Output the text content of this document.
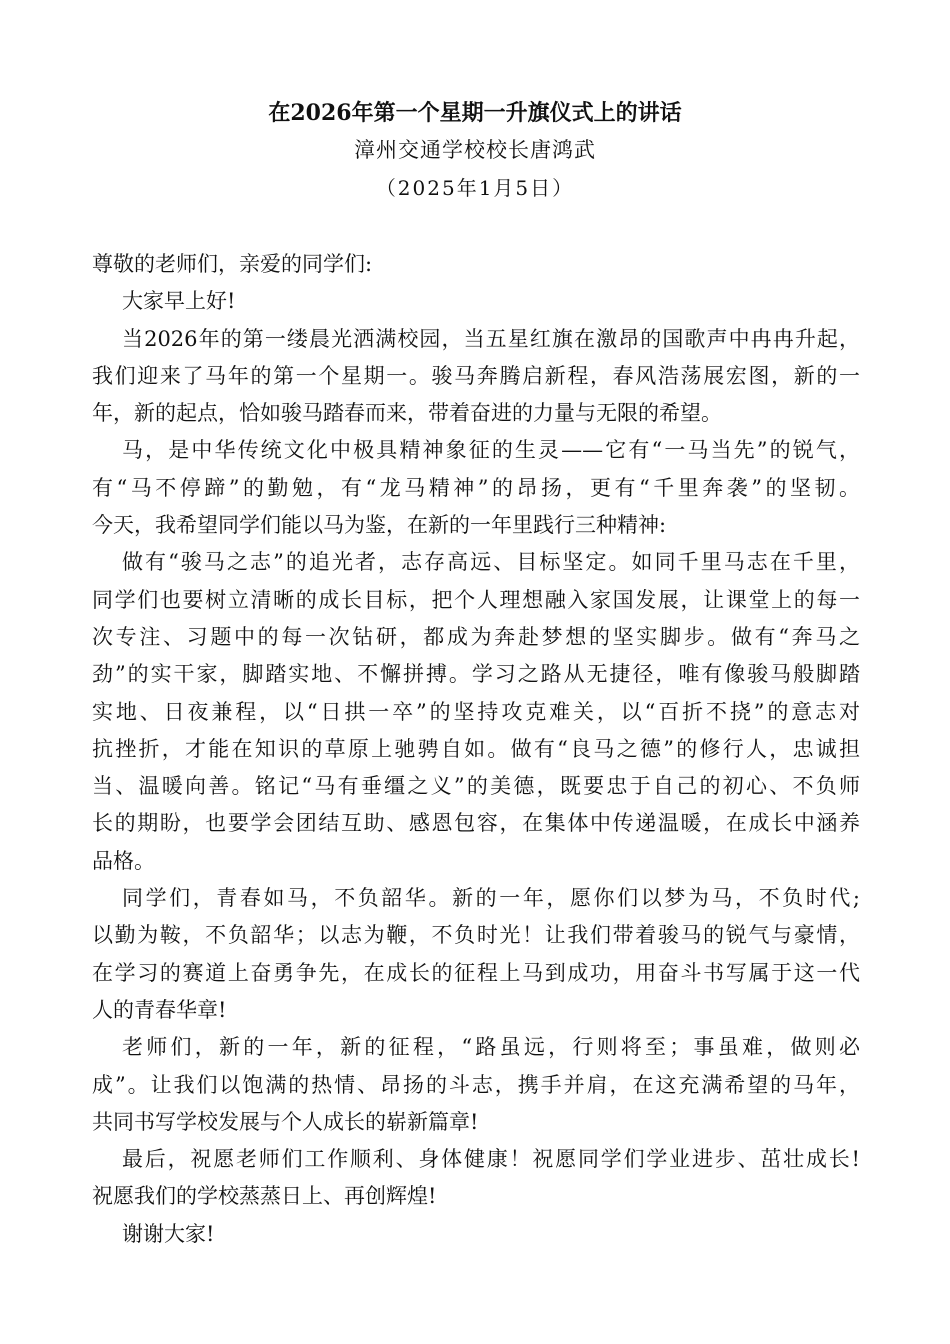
在2026年第一个星期一升旗仪式上的讲话
漳州交通学校校长唐鸿武
（2025年1月5日）
尊敬的老师们，亲爱的同学们:
大家早上好!
当2026年的第一缕晨光洒满校园，当五星红旗在激昂的国歌声中冉冉升起，
我们迎来了马年的第一个星期一。骏马奔腾启新程，春风浩荡展宏图，新的一
年，新的起点，恰如骏马踏春而来，带着奋进的力量与无限的希望。
马，是中华传统文化中极具精神象征的生灵——它有“一马当先”的锐气，
有“马不停蹄”的勤勉，有“龙马精神”的昂扬，更有“千里奔袭”的坚韧。
今天，我希望同学们能以马为鉴，在新的一年里践行三种精神:
做有“骏马之志”的追光者，志存高远、目标坚定。如同千里马志在千里，
同学们也要树立清晰的成长目标，把个人理想融入家国发展，让课堂上的每一
次专注、习题中的每一次钻研，都成为奔赴梦想的坚实脚步。做有“奔马之
劲”的实干家，脚踏实地、不懈拼搏。学习之路从无捷径，唯有像骏马般脚踏
实地、日夜兼程，以“日拱一卒”的坚持攻克难关，以“百折不挠”的意志对
抗挫折，才能在知识的草原上驰骋自如。做有“良马之德”的修行人，忠诚担
当、温暖向善。铭记“马有垂缰之义”的美德，既要忠于自己的初心、不负师
长的期盼，也要学会团结互助、感恩包容，在集体中传递温暖，在成长中涵养
品格。
同学们，青春如马，不负韶华。新的一年，愿你们以梦为马，不负时代;
以勤为鞍，不负韶华；以志为鞭，不负时光！让我们带着骏马的锐气与豪情，
在学习的赛道上奋勇争先，在成长的征程上马到成功，用奋斗书写属于这一代
人的青春华章!
老师们，新的一年，新的征程，“路虽远，行则将至；事虽难，做则必
成”。让我们以饱满的热情、昂扬的斗志，携手并肩，在这充满希望的马年，
共同书写学校发展与个人成长的崭新篇章!
最后，祝愿老师们工作顺利、身体健康！祝愿同学们学业进步、茁壮成长!
祝愿我们的学校蒸蒸日上、再创辉煌!
谢谢大家!
